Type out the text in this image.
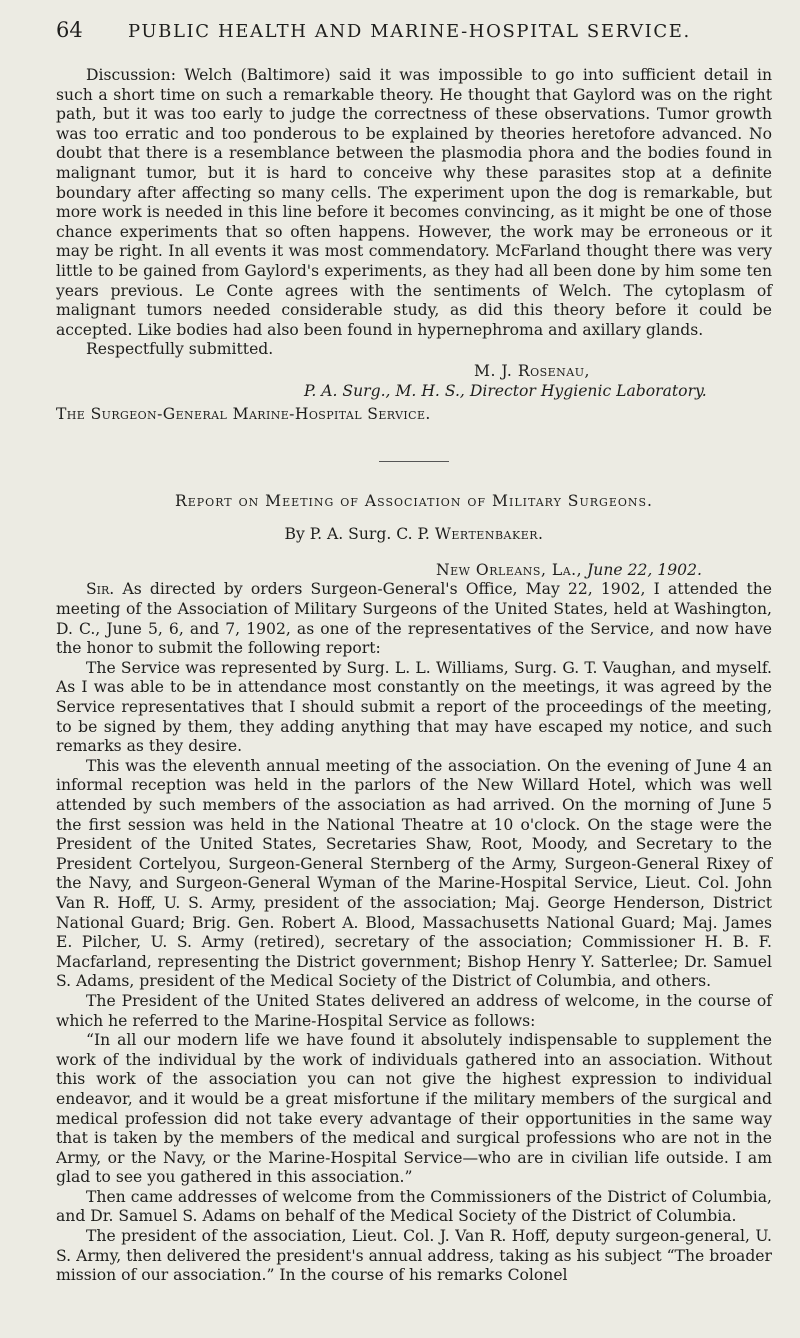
64	PUBLIC HEALTH AND MARINE-HOSPITAL SERVICE.

Discussion: Welch (Baltimore) said it was impossible to go into sufficient detail in such a short time on such a remarkable theory. He thought that Gaylord was on the right path, but it was too early to judge the correctness of these observations. Tumor growth was too erratic and too ponderous to be explained by theories heretofore advanced. No doubt that there is a resemblance between the plasmodia phora and the bodies found in malignant tumor, but it is hard to conceive why these parasites stop at a definite boundary after affecting so many cells. The experiment upon the dog is remarkable, but more work is needed in this line before it becomes convincing, as it might be one of those chance experiments that so often happens. However, the work may be erroneous or it may be right. In all events it was most commendatory. McFarland thought there was very little to be gained from Gaylord's experiments, as they had all been done by him some ten years previous. Le Conte agrees with the sentiments of Welch. The cytoplasm of malignant tumors needed considerable study, as did this theory before it could be accepted. Like bodies had also been found in hypernephroma and axillary glands.

Respectfully submitted.

M. J. Rosenau,

P. A. Surg., M. H. S., Director Hygienic Laboratory.

The Surgeon-General Marine-Hospital Service.

Report on Meeting of Association of Military Surgeons.

By P. A. Surg. C. P. Wertenbaker.

New Orleans, La., June 22, 1902.

Sir. As directed by orders Surgeon-General's Office, May 22, 1902, I attended the meeting of the Association of Military Surgeons of the United States, held at Washington, D. C., June 5, 6, and 7, 1902, as one of the representatives of the Service, and now have the honor to submit the following report:

The Service was represented by Surg. L. L. Williams, Surg. G. T. Vaughan, and myself. As I was able to be in attendance most constantly on the meetings, it was agreed by the Service representatives that I should submit a report of the proceedings of the meeting, to be signed by them, they adding anything that may have escaped my notice, and such remarks as they desire.

This was the eleventh annual meeting of the association. On the evening of June 4 an informal reception was held in the parlors of the New Willard Hotel, which was well attended by such members of the association as had arrived. On the morning of June 5 the first session was held in the National Theatre at 10 o'clock. On the stage were the President of the United States, Secretaries Shaw, Root, Moody, and Secretary to the President Cortelyou, Surgeon-General Sternberg of the Army, Surgeon-General Rixey of the Navy, and Surgeon-General Wyman of the Marine-Hospital Service, Lieut. Col. John Van R. Hoff, U. S. Army, president of the association; Maj. George Henderson, District National Guard; Brig. Gen. Robert A. Blood, Massachusetts National Guard; Maj. James E. Pilcher, U. S. Army (retired), secretary of the association; Commissioner H. B. F. Macfarland, representing the District government; Bishop Henry Y. Satterlee; Dr. Samuel S. Adams, president of the Medical Society of the District of Columbia, and others.

The President of the United States delivered an address of welcome, in the course of which he referred to the Marine-Hospital Service as follows:

“In all our modern life we have found it absolutely indispensable to supplement the work of the individual by the work of individuals gathered into an association. Without this work of the association you can not give the highest expression to individual endeavor, and it would be a great misfortune if the military members of the surgical and medical profession did not take every advantage of their opportunities in the same way that is taken by the members of the medical and surgical professions who are not in the Army, or the Navy, or the Marine-Hospital Service—who are in civilian life outside. I am glad to see you gathered in this association.”

Then came addresses of welcome from the Commissioners of the District of Columbia, and Dr. Samuel S. Adams on behalf of the Medical Society of the District of Columbia.

The president of the association, Lieut. Col. J. Van R. Hoff, deputy surgeon-general, U. S. Army, then delivered the president's annual address, taking as his subject “The broader mission of our association.” In the course of his remarks Colonel
